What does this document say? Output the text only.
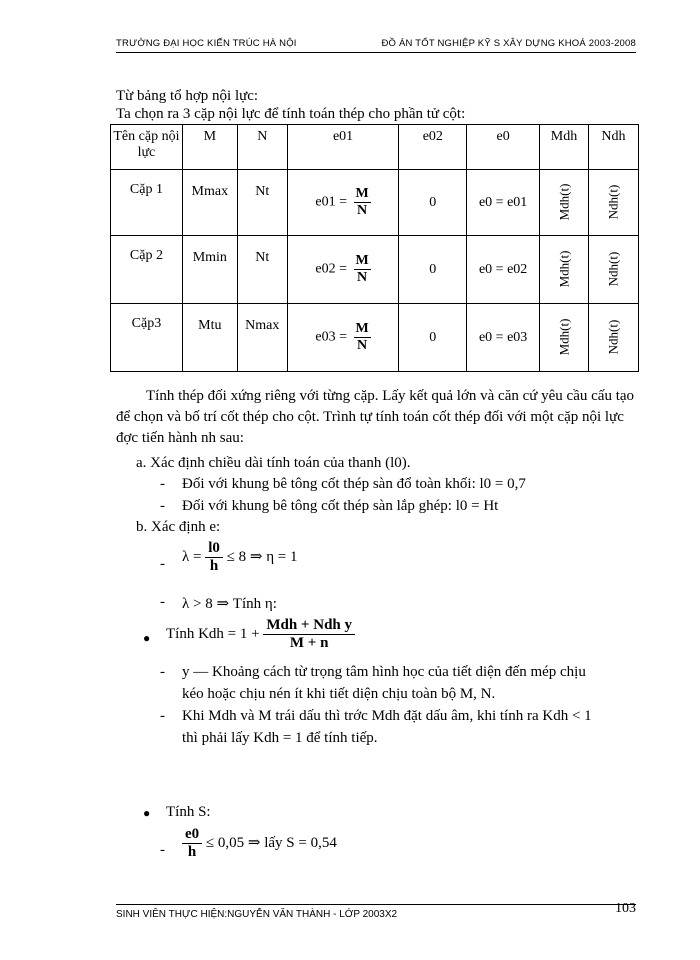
TRƯỜNG ĐẠI HỌC KIẾN TRÚC HÀ NỘI	ĐỒ ÁN TỐT NGHIỆP KỸ S XÂY DỰNG KHOÁ 2003-2008
Từ bảng tổ hợp nội lực:
Ta chọn ra 3 cặp nội lực để tính toán thép cho phần tử cột:
Tên cặp nội lực	M	N	e01	e02	e0	Mdh	Ndh
Cặp 1	Mmax	Nt	$e01 = \frac{M}{N}$	0	e0 = e01	Mdh(t)	Ndh(t)
Cặp 2	Mmin	Nt	$e02 = \frac{M}{N}$	0	e0 = e02	Mdh(t)	Ndh(t)
Cặp3	Mtu	Nmax	$e03 = \frac{M}{N}$	0	e0 = e03	Mdh(t)	Ndh(t)
Tính thép đối xứng riêng với từng cặp. Lấy kết quả lớn và căn cứ yêu cầu cấu tạo để chọn và bố trí cốt thép cho cột. Trình tự tính toán cốt thép đối với một cặp nội lực đợc tiến hành nh sau:
a. Xác định chiều dài tính toán của thanh (l0).
- Đối với khung bê tông cốt thép sàn đổ toàn khối: l0 = 0,7
- Đối với khung bê tông cốt thép sàn lắp ghép: l0 = Ht
b. Xác định e:
- $\lambda = \frac{l0}{h} \le 8$ ⇒ η = 1
- λ > 8 ⇒ Tính η:
● Tính Kdh = 1 +
Mdh + Ndh y
M + n
- y — Khoảng cách từ trọng tâm hình học của tiết diện đến mép chịu
kéo hoặc chịu nén ít khi tiết diện chịu toàn bộ M, N.
- Khi Mdh và M trái dấu thì trớc Mdh đặt dấu âm, khi tính ra Kdh < 1
thì phải lấy Kdh = 1 để tính tiếp.
● Tính S:
- $\frac{e0}{h} \le 0,05$ ⇒ lấy S = 0,54
SINH VIÊN THỰC HIỆN:NGUYỄN VĂN THÀNH - LỚP 2003X2	103
